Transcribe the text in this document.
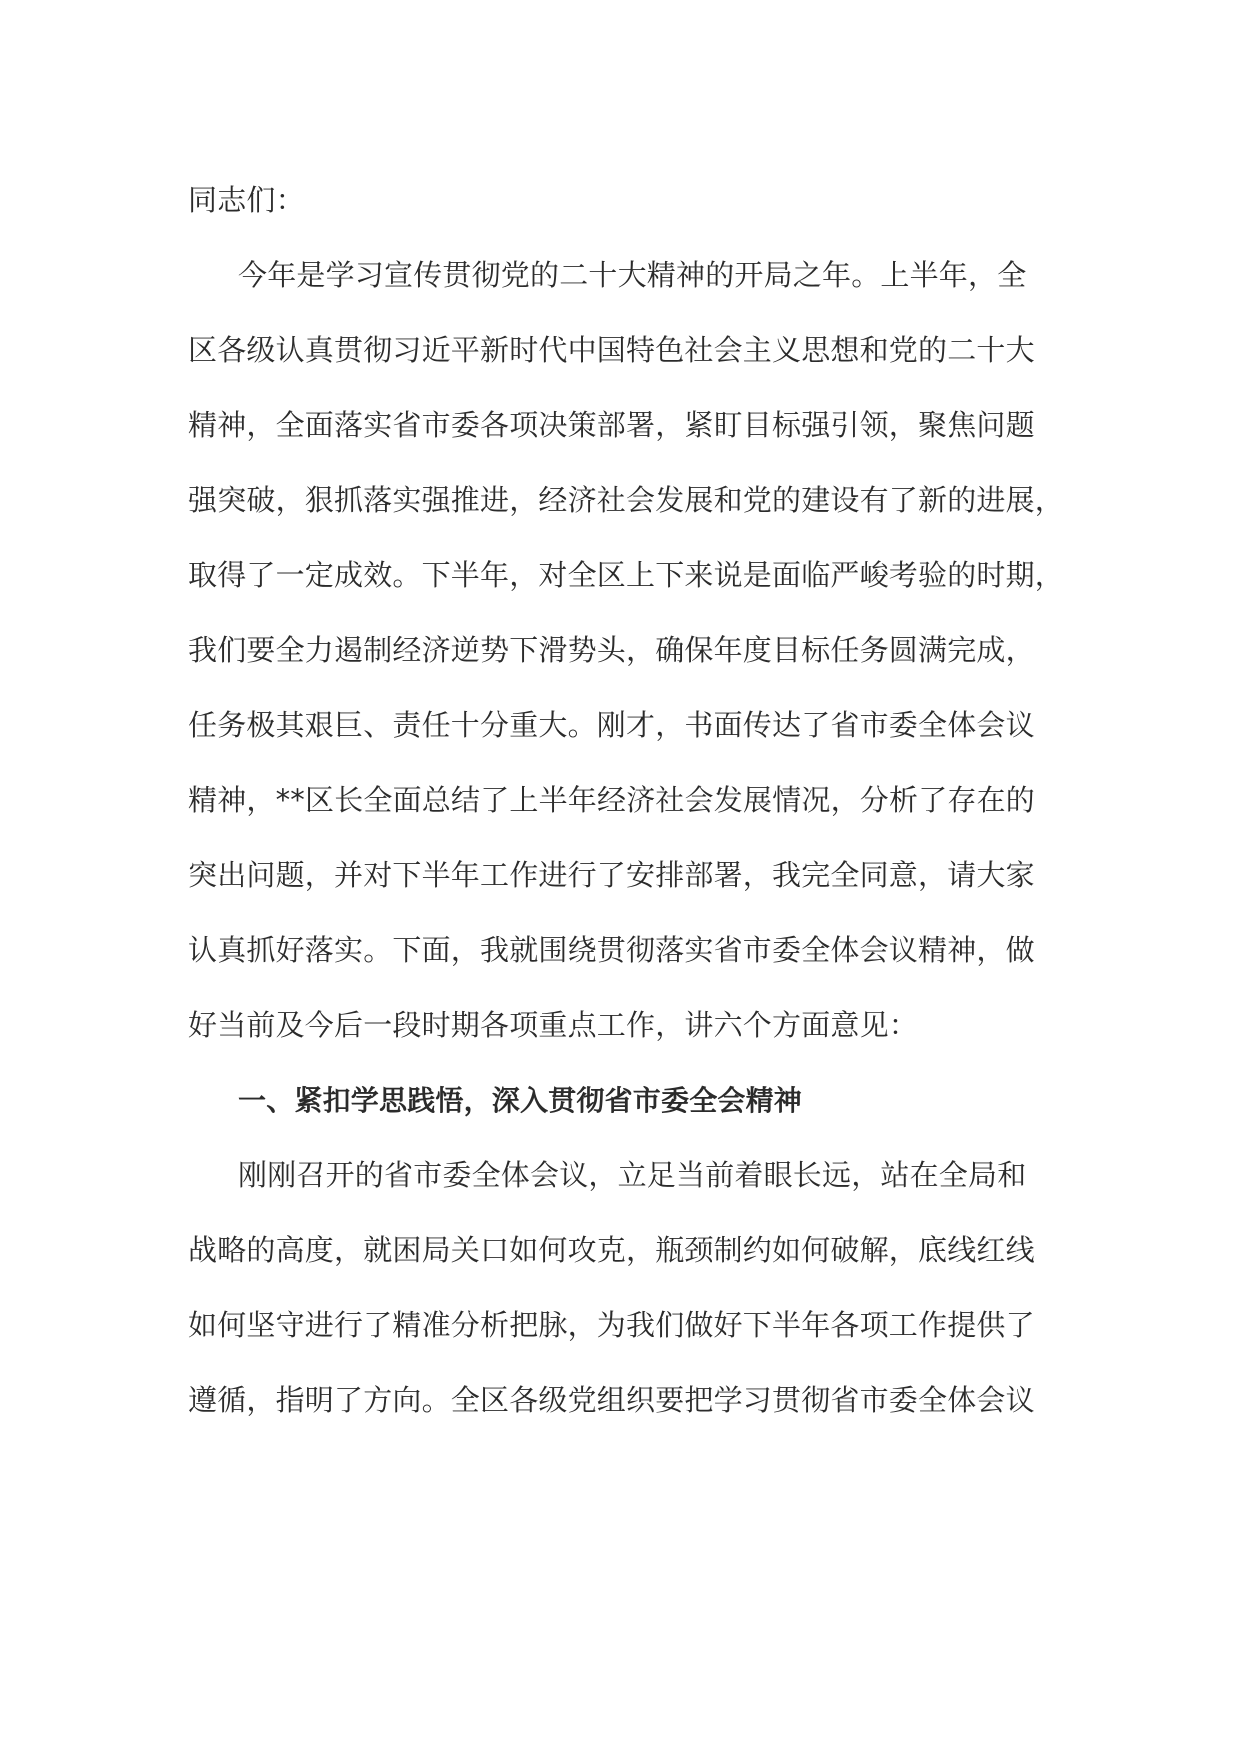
同志们：
今年是学习宣传贯彻党的二十大精神的开局之年。上半年，全
区各级认真贯彻习近平新时代中国特色社会主义思想和党的二十大
精神，全面落实省市委各项决策部署，紧盯目标强引领，聚焦问题
强突破，狠抓落实强推进，经济社会发展和党的建设有了新的进展，
取得了一定成效。下半年，对全区上下来说是面临严峻考验的时期，
我们要全力遏制经济逆势下滑势头，确保年度目标任务圆满完成，
任务极其艰巨、责任十分重大。刚才，书面传达了省市委全体会议
精神，**区长全面总结了上半年经济社会发展情况，分析了存在的
突出问题，并对下半年工作进行了安排部署，我完全同意，请大家
认真抓好落实。下面，我就围绕贯彻落实省市委全体会议精神，做
好当前及今后一段时期各项重点工作，讲六个方面意见：
一、紧扣学思践悟，深入贯彻省市委全会精神
刚刚召开的省市委全体会议，立足当前着眼长远，站在全局和
战略的高度，就困局关口如何攻克，瓶颈制约如何破解，底线红线
如何坚守进行了精准分析把脉，为我们做好下半年各项工作提供了
遵循，指明了方向。全区各级党组织要把学习贯彻省市委全体会议
